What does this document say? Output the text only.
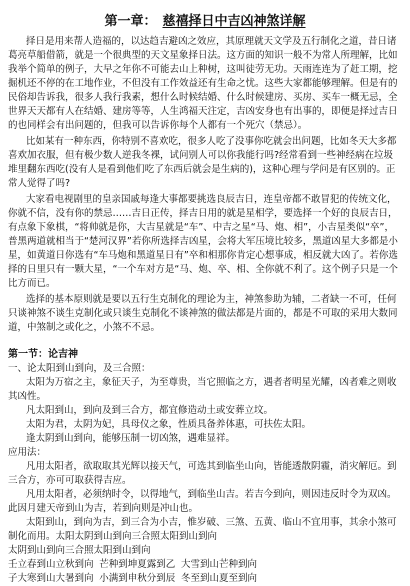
第一章： 慈禧择日中吉凶神煞详解

择日是用来帮人造福的，以达趋吉避凶之效应，其原理就天文学及五行制化之道，昔日诸葛亮草船借箭，就是一个很典型的天文星象择日法。这方面的知识一般不为常人所理解，比如我举个简单的例子，大早之年你不可能去山上种树，这叫徒劳无功。天雨连连为了赶工期，挖掘机还不停的在工地作业，不但没有工作效益还有生命之忧。这些大家都能够理解。但是有的民俗却告诉我，很多人我行我素，想什么时候结婚、什么时候建房、买房、买车一概无忌，全世界天天都有人在结婚、建房等等，人生鸿福天注定，吉凶安身也有出事的，即便是择过吉日的也同样会有出问题的，但我可以告诉你每个人都有一个死穴（禁忌）。

比如某有一种东西，你特别不喜欢吃，很多人吃了没事你吃就会出问题，比如冬天大多都喜欢加衣服，但有极少数人逆我冬裸，试问别人可以你我能行吗?经常看到一些神经病在垃圾堆里翻东西吃(没有人是看到他们吃了东西后就会是生病的)，这种心理与学问是有区别的。正常人觉得了吗?

大家看电视剧里的皇亲国戚每逢大事都要挑选良辰吉日，连皇帝都不敢冒犯的传统文化，你就不信，没有你的禁忌……吉日正传，择吉日用的就是星相学，要选择一个好的良辰吉日，有点象下象棋，“将帅就是你，大吉星就是“车”、中吉之星“马、炮、相”，小吉星类似“卒”，普黑两道就相当于“楚河汉界”若你所选择吉凶星，会将大军压境比较多，黑道凶星大多都是小星，如黄道日你选有“车马炮和黑道星日有”卒和相那你肯定心想事成，相反就大凶了。若你选择的日里只有一颗大星，“一个车对方是“马、炮、卒、相、全你就不利了。这个例子只是一个比方而已。

选择的基本原则就是要以五行生克制化的理论为主，神煞参助为辅，二者缺一不可，任何只谈神煞不谈生克制化或只谈生克制化不谈神煞的做法都是片面的，都是不可取的采用大数同道，中煞制之或化之，小煞不不忌。

第一节：论吉神

一、论太阳到山到向，及三合照：

太阳为万宿之主，象征天子，为至尊贵，当它照临之方，遇者者明星光耀，凶者难之则收其凶性。

凡太阳到山，到向及到三合方，都宜修造动土或安葬立坟。

太阳为君，太阴为妃，具母仪之象，性质具备养体惠，可扶佐太阳。

逢太阴到山到向，能够压制一切凶煞，遇难显祥。

应用法：

凡用太阳者，欲取取其光辉以接天气，可选其到临坐山向，皆能透散阴霾，消灾解厄。到三合方，亦可可取获得吉应。

凡用太阳者，必须纳时令，以得地气，到临坐山吉。若吉今到向，则因违反时令为双凶。此因月建天帝到山为吉，若到向则是冲山也。

太阳到山，到向为吉，到三合为小吉，惟岁破、三煞、五黄、临山不宜用事，其余小煞可制化而用。太阳太阴到山到向三合照太阳到山到向

太阴到山到向三合照太阳到山到向

壬立春到山立秋到向 芒种到坤夏露到乙 大雪到山芒种到向

子大寒到山大暑到向 小满到申秋分到辰 冬至到山夏至到向
